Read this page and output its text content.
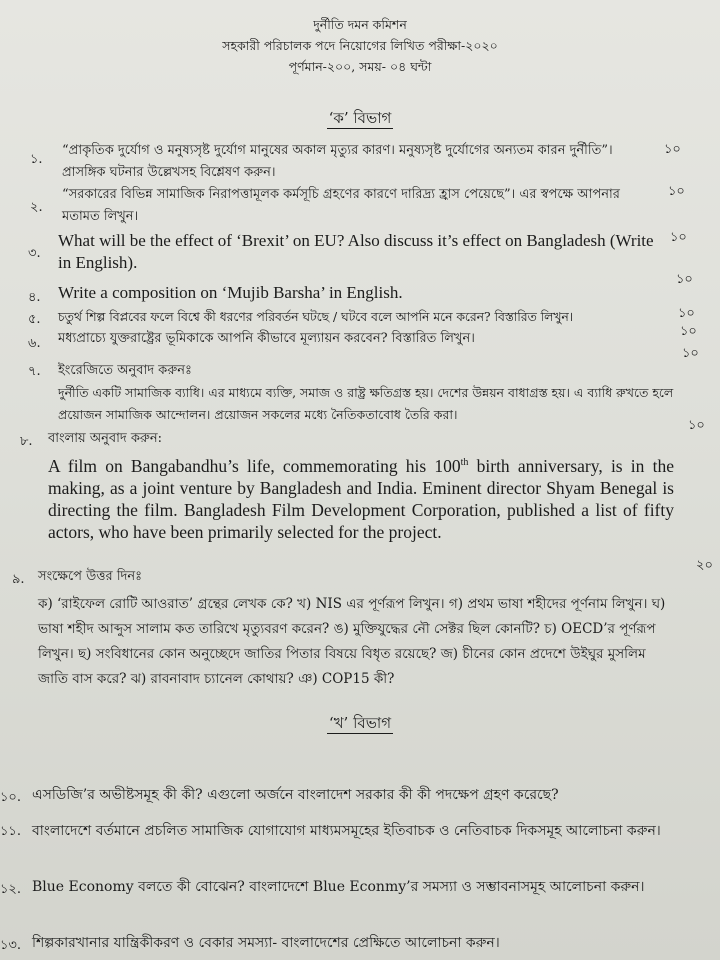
দুর্নীতি দমন কমিশন
সহকারী পরিচালক পদে নিয়োগের লিখিত পরীক্ষা-২০২০
পূর্ণমান-২০০, সময়- ০৪ ঘন্টা
‘ক’ বিভাগ
১.
“প্রাকৃতিক দুর্যোগ ও মনুষ্যসৃষ্ট দুর্যোগ মানুষের অকাল মৃত্যুর কারণ। মনুষ্যসৃষ্ট দুর্যোগের অন্যতম কারন দুর্নীতি”। প্রাসঙ্গিক ঘটনার উল্লেখসহ বিশ্লেষণ করুন।
১০
২.
“সরকারের বিভিন্ন সামাজিক নিরাপত্তামূলক কর্মসূচি গ্রহণের কারণে দারিদ্র্য হ্রাস পেয়েছে”। এর স্বপক্ষে আপনার মতামত লিখুন।
১০
৩.
What will be the effect of ‘Brexit’ on EU? Also discuss it’s effect on Bangladesh (Write in English).
১০
৪. Write a composition on ‘Mujib Barsha’ in English.
১০
৫. চতুর্থ শিল্প বিপ্লবের ফলে বিশ্বে কী ধরণের পরিবর্তন ঘটছে / ঘটবে বলে আপনি মনে করেন? বিস্তারিত লিখুন।	১০
৬. মধ্যপ্রাচ্যে যুক্তরাষ্ট্রের ভূমিকাকে আপনি কীভাবে মূল্যায়ন করবেন? বিস্তারিত লিখুন।	১০
৭. ইংরেজিতে অনুবাদ করুনঃ
১০
দুর্নীতি একটি সামাজিক ব্যাধি। এর মাধ্যমে ব্যক্তি, সমাজ ও রাষ্ট্র ক্ষতিগ্রস্ত হয়। দেশের উন্নয়ন বাধাগ্রস্ত হয়। এ ব্যাধি রুখতে হলে প্রয়োজন সামাজিক আন্দোলন। প্রয়োজন সকলের মধ্যে নৈতিকতাবোধ তৈরি করা।
৮. বাংলায় অনুবাদ করুন:
১০
A film on Bangabandhu’s life, commemorating his 100th birth anniversary, is in the making, as a joint venture by Bangladesh and India. Eminent director Shyam Benegal is directing the film. Bangladesh Film Development Corporation, published a list of fifty actors, who have been primarily selected for the project.
৯. সংক্ষেপে উত্তর দিনঃ
২০
ক) ‘রাইফেল রোটি আওরাত’ গ্রন্থের লেখক কে? খ) NIS এর পূর্ণরূপ লিখুন। গ) প্রথম ভাষা শহীদের পূর্ণনাম লিখুন। ঘ) ভাষা শহীদ আব্দুস সালাম কত তারিখে মৃত্যুবরণ করেন? ঙ) মুক্তিযুদ্ধের নৌ সেক্টর ছিল কোনটি? চ) OECD’র পূর্ণরূপ লিখুন। ছ) সংবিধানের কোন অনুচ্ছেদে জাতির পিতার বিষয়ে বিধৃত রয়েছে? জ) চীনের কোন প্রদেশে উইঘুর মুসলিম জাতি বাস করে? ঝ) রাবনাবাদ চ্যানেল কোথায়? ঞ) COP15 কী?
‘খ’ বিভাগ
১০. এসডিজি’র অভীষ্টসমূহ কী কী? এগুলো অর্জনে বাংলাদেশ সরকার কী কী পদক্ষেপ গ্রহণ করেছে?
১১. বাংলাদেশে বর্তমানে প্রচলিত সামাজিক যোগাযোগ মাধ্যমসমূহের ইতিবাচক ও নেতিবাচক দিকসমূহ আলোচনা করুন।
১২. Blue Economy বলতে কী বোঝেন? বাংলাদেশে Blue Econmy’র সমস্যা ও সম্ভাবনাসমূহ আলোচনা করুন।
১৩. শিল্পকারখানার যান্ত্রিকীকরণ ও বেকার সমস্যা- বাংলাদেশের প্রেক্ষিতে আলোচনা করুন।
